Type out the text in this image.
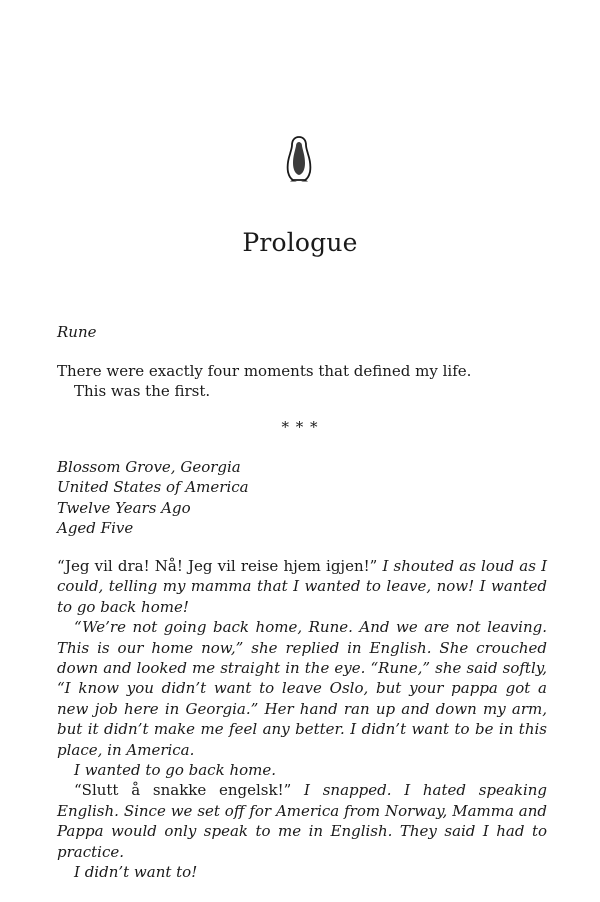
Prologue
Rune

There were exactly four moments that defined my life.

This was the first.

* * *

Blossom Grove, Georgia

United States of America

Twelve Years Ago

Aged Five

“Jeg vil dra! Nå! Jeg vil reise hjem igjen!” I shouted as loud as I could, telling my mamma that I wanted to leave, now! I wanted to go back home!

“We’re not going back home, Rune. And we are not leaving. This is our home now,” she replied in English. She crouched down and looked me straight in the eye. “Rune,” she said softly, “I know you didn’t want to leave Oslo, but your pappa got a new job here in Georgia.” Her hand ran up and down my arm, but it didn’t make me feel any better. I didn’t want to be in this place, in America.

I wanted to go back home.

“Slutt å snakke engelsk!” I snapped. I hated speaking English. Since we set off for America from Norway, Mamma and Pappa would only speak to me in English. They said I had to practice.

I didn’t want to!
